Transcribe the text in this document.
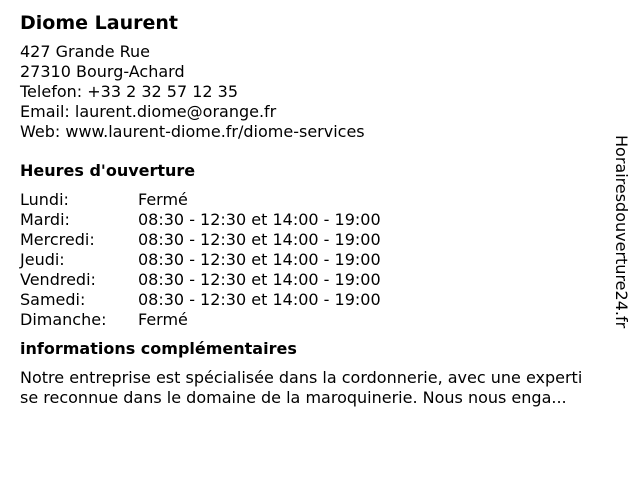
Diome Laurent
427 Grande Rue
27310 Bourg-Achard
Telefon: +33 2 32 57 12 35
Email: laurent.diome@orange.fr
Web: www.laurent-diome.fr/diome-services
Heures d'ouverture
Lundi:	Fermé
Mardi:	08:30 - 12:30 et 14:00 - 19:00
Mercredi:	08:30 - 12:30 et 14:00 - 19:00
Jeudi:	08:30 - 12:30 et 14:00 - 19:00
Vendredi:	08:30 - 12:30 et 14:00 - 19:00
Samedi:	08:30 - 12:30 et 14:00 - 19:00
Dimanche: Fermé
informations complémentaires
Notre entreprise est spécialisée dans la cordonnerie, avec une experti
se reconnue dans le domaine de la maroquinerie. Nous nous enga...
Horairesdouverture24.fr
